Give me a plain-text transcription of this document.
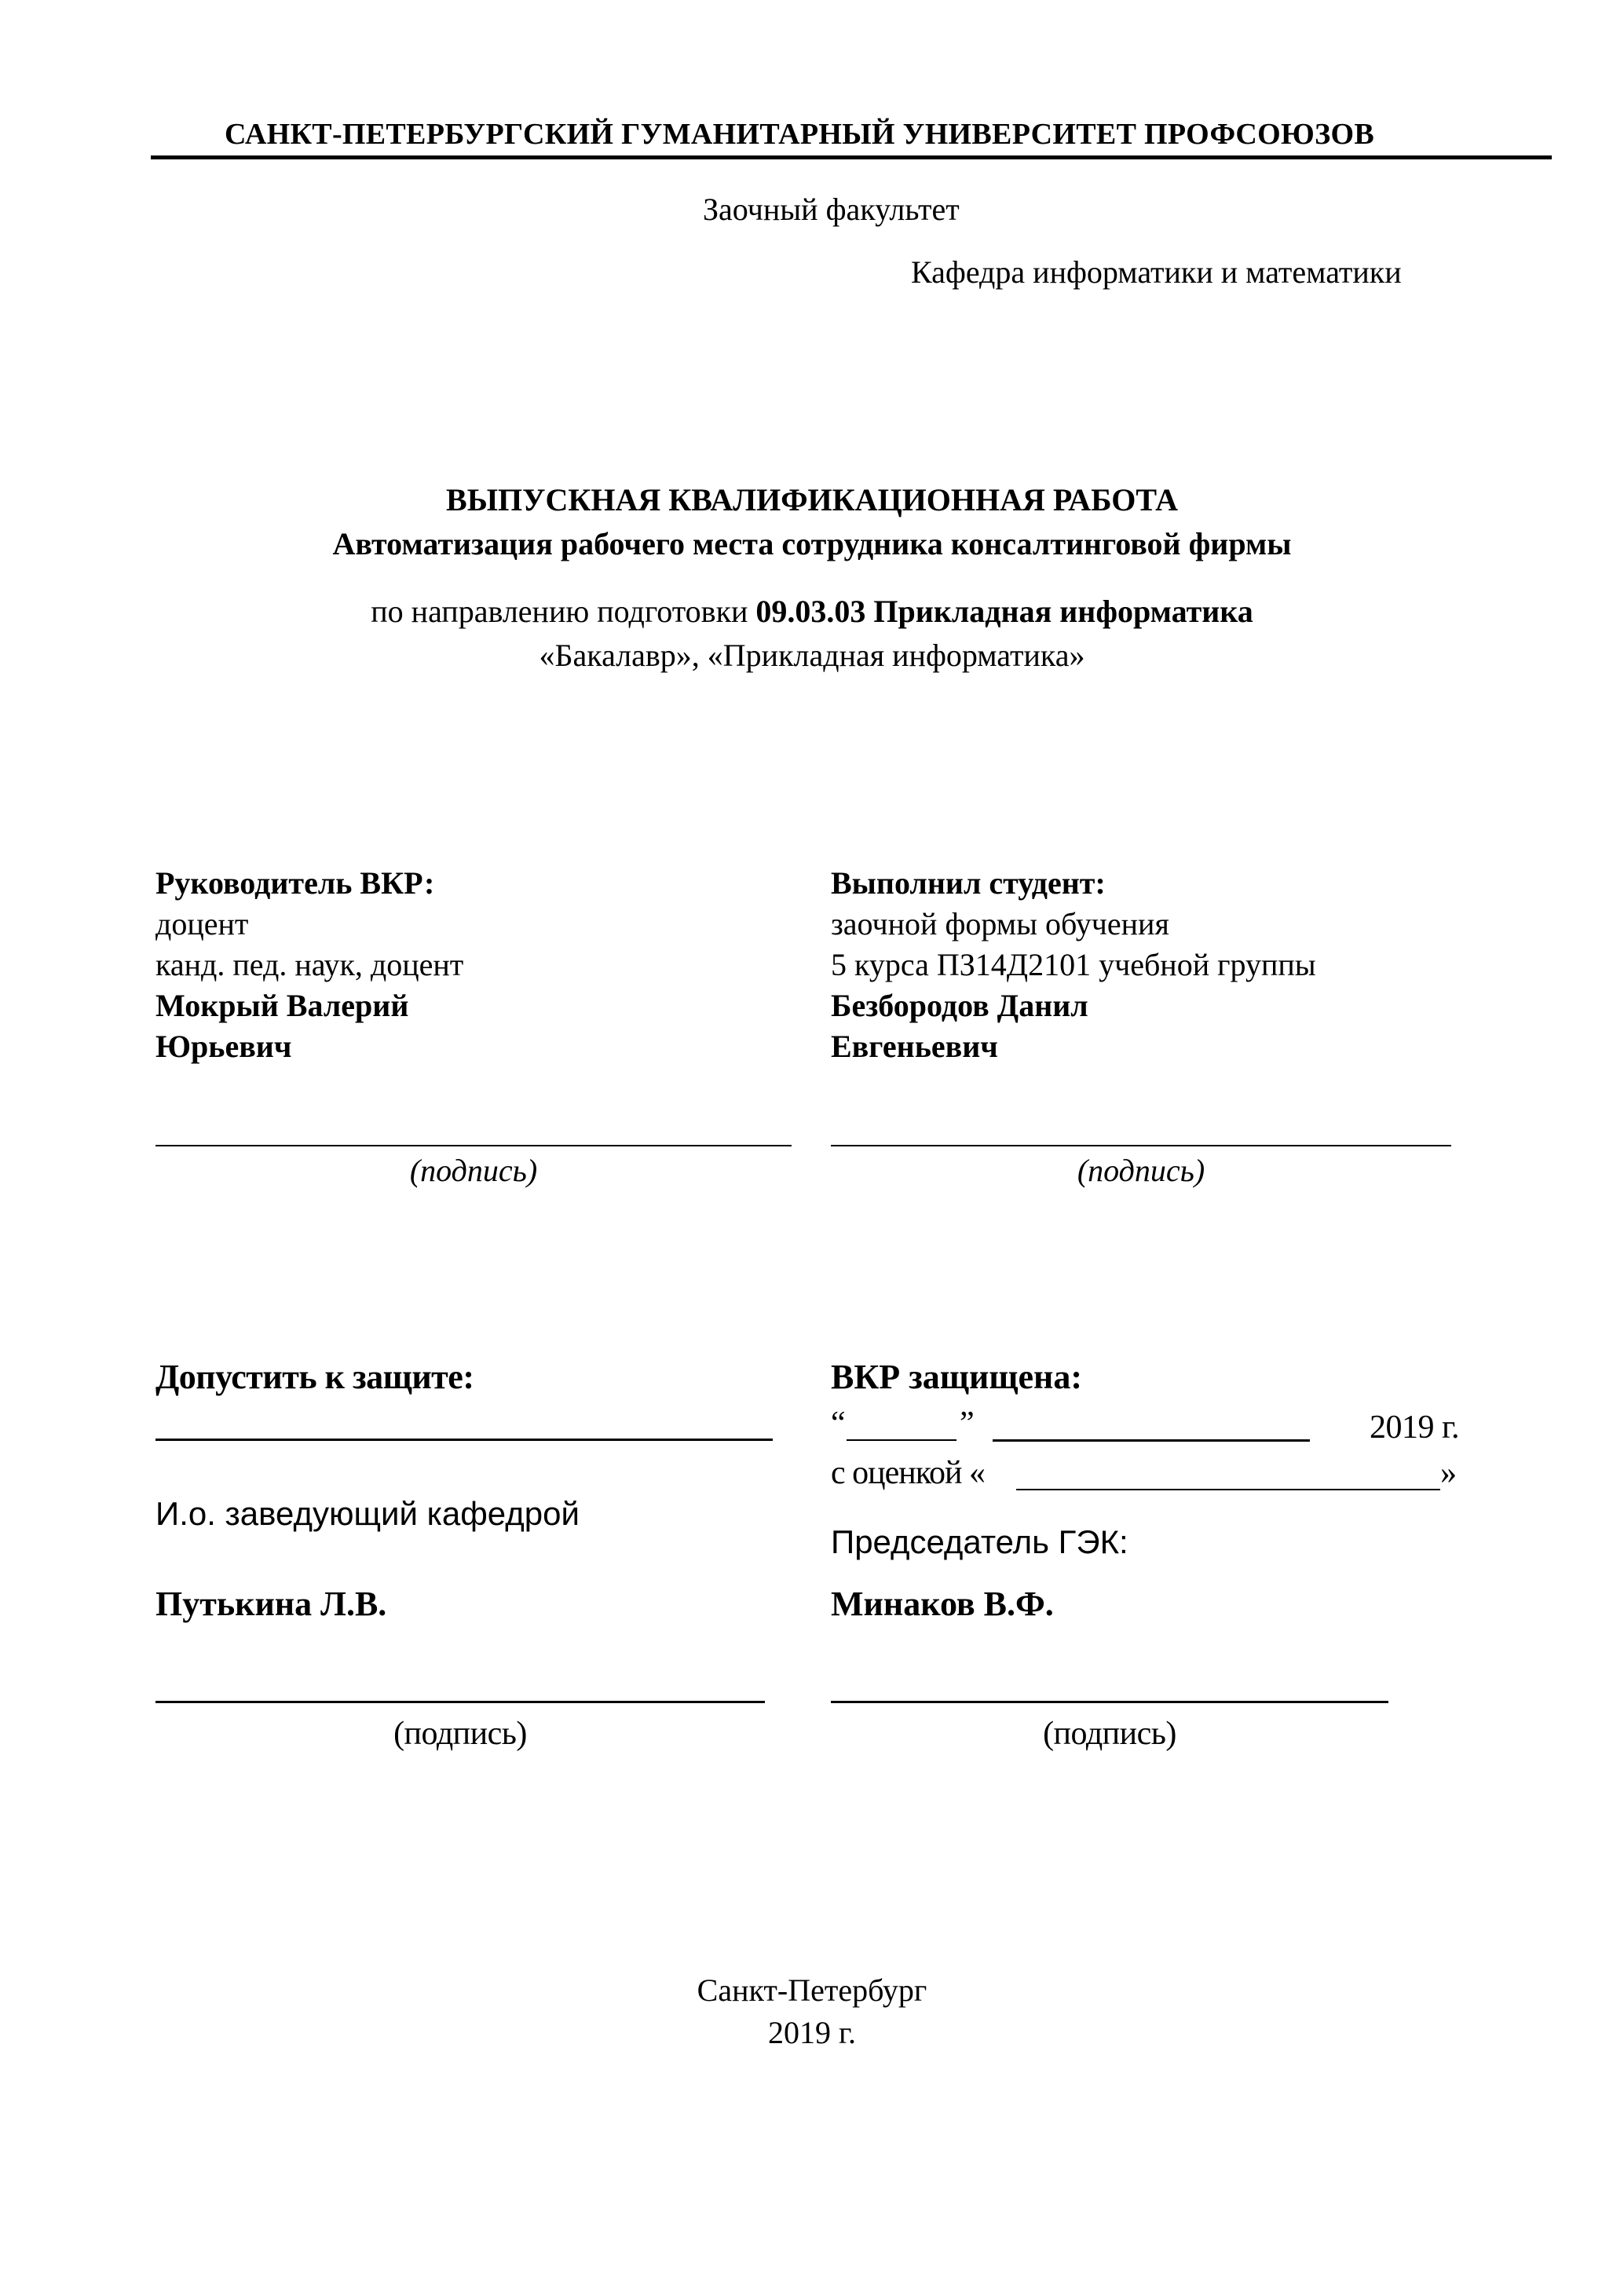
САНКТ-ПЕТЕРБУРГСКИЙ ГУМАНИТАРНЫЙ УНИВЕРСИТЕТ ПРОФСОЮЗОВ
Заочный факультет
Кафедра информатики и математики
ВЫПУСКНАЯ КВАЛИФИКАЦИОННАЯ РАБОТА
Автоматизация рабочего места сотрудника консалтинговой фирмы
по направлению подготовки 09.03.03 Прикладная информатика
«Бакалавр», «Прикладная информатика»
Руководитель ВКР:
доцент
канд. пед. наук, доцент
Мокрый Валерий
Юрьевич
(подпись)
Выполнил студент:
заочной формы обучения
5 курса ПЗ14Д2101 учебной группы
Безбородов Данил
Евгеньевич
(подпись)
Допустить к защите:
И.о. заведующий кафедрой
Путькина Л.В.
(подпись)
ВКР защищена:
“	”	2019 г.
с оценкой «	»
Председатель ГЭК:
Минаков В.Ф.
(подпись)
Санкт-Петербург
2019 г.
